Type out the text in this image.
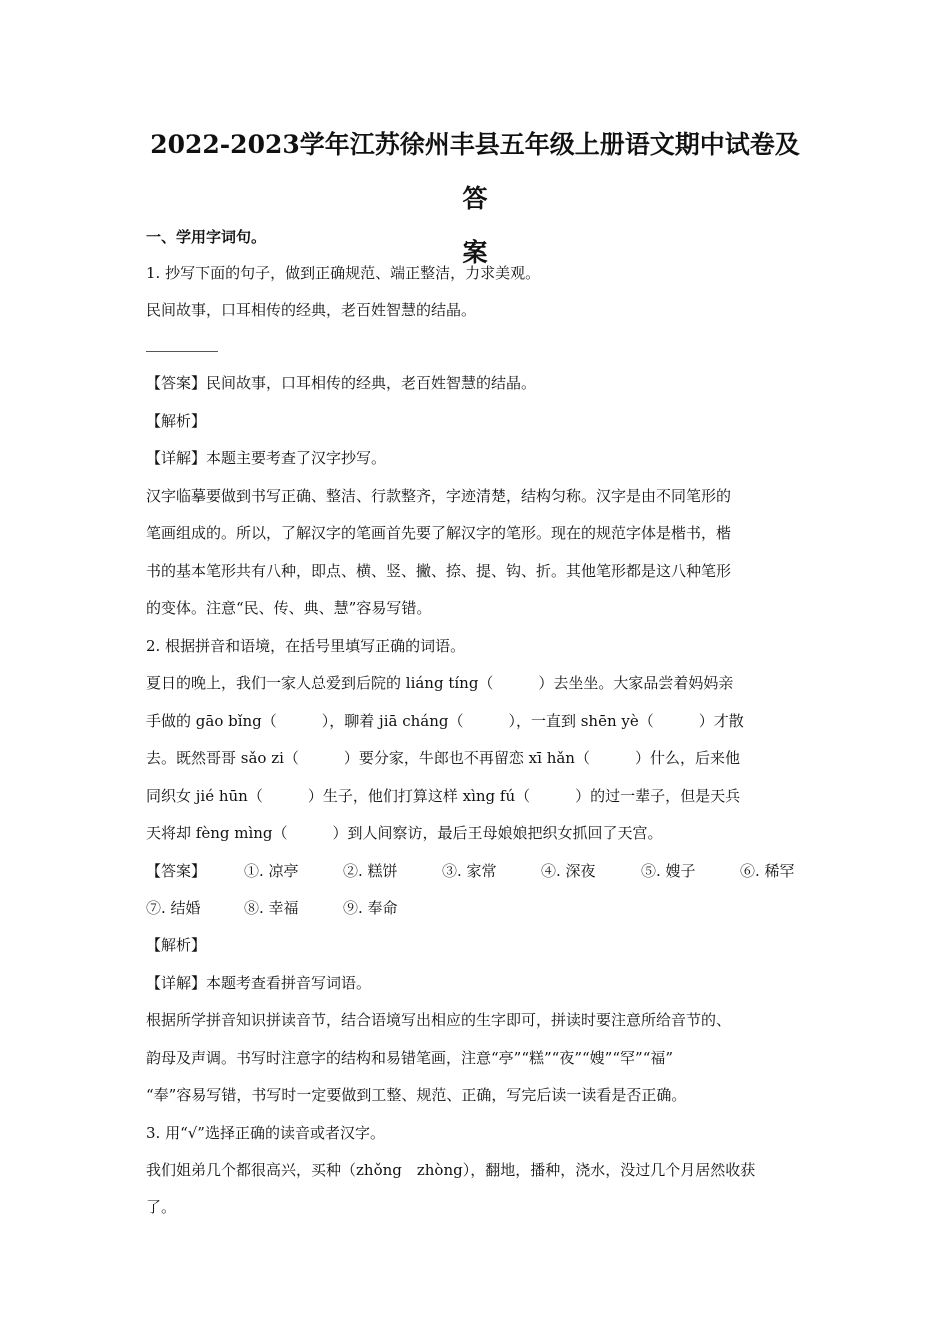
2022-2023学年江苏徐州丰县五年级上册语文期中试卷及答
案
一、学用字词句。
1. 抄写下面的句子，做到正确规范、端正整洁，力求美观。
民间故事，口耳相传的经典，老百姓智慧的结晶。
【答案】民间故事，口耳相传的经典，老百姓智慧的结晶。
【解析】
【详解】本题主要考查了汉字抄写。
汉字临摹要做到书写正确、整洁、行款整齐，字迹清楚，结构匀称。汉字是由不同笔形的
笔画组成的。所以，了解汉字的笔画首先要了解汉字的笔形。现在的规范字体是楷书，楷
书的基本笔形共有八种，即点、横、竖、撇、捺、提、钩、折。其他笔形都是这八种笔形
的变体。注意“民、传、典、慧”容易写错。
2. 根据拼音和语境，在括号里填写正确的词语。
夏日的晚上，我们一家人总爱到后院的 liáng tíng（　　　）去坐坐。大家品尝着妈妈亲
手做的 gāo bǐng（　　　），聊着 jiā cháng（　　　），一直到 shēn yè（　　　）才散
去。既然哥哥 sǎo zi（　　　）要分家，牛郎也不再留恋 xī hǎn（　　　）什么，后来他
同织女 jié hūn（　　　）生子，他们打算这样 xìng fú（　　　）的过一辈子，但是天兵
天将却 fèng mìng（　　　）到人间察访，最后王母娘娘把织女抓回了天宫。
【答案】	①. 凉亭	②. 糕饼	③. 家常	④. 深夜	⑤. 嫂子	⑥. 稀罕
⑦. 结婚	⑧. 幸福	⑨. 奉命
【解析】
【详解】本题考查看拼音写词语。
根据所学拼音知识拼读音节，结合语境写出相应的生字即可，拼读时要注意所给音节的、
韵母及声调。书写时注意字的结构和易错笔画，注意“亭”“糕”“夜”“嫂”“罕”“福”
“奉”容易写错，书写时一定要做到工整、规范、正确，写完后读一读看是否正确。
3. 用“√”选择正确的读音或者汉字。
我们姐弟几个都很高兴，买种（zhǒng　zhòng），翻地，播种，浇水，没过几个月居然收获
了。
